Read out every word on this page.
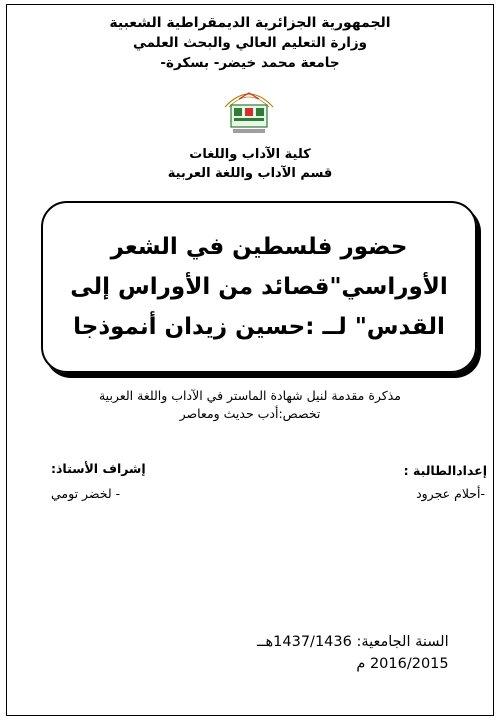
الجمهورية الجزائرية الديمقراطية الشعبية
وزارة التعليم العالي والبحث العلمي
جامعة محمد خيضر- بسكرة-
كلية الآداب واللغات
قسم الآداب واللغة العربية
حضور فلسطين في الشعر
الأوراسي"قصائد من الأوراس إلى
القدس" لــ :حسين زيدان أنموذجا
مذكرة مقدمة لنيل شهادة الماستر في الآداب واللغة العربية
تخصص:أدب حديث ومعاصر
إعدادالطالبة :
-أحلام عجرود
إشراف الأستاذ:
- لخضر تومي
السنة الجامعية: 1437/1436هــ
2016/2015 م
